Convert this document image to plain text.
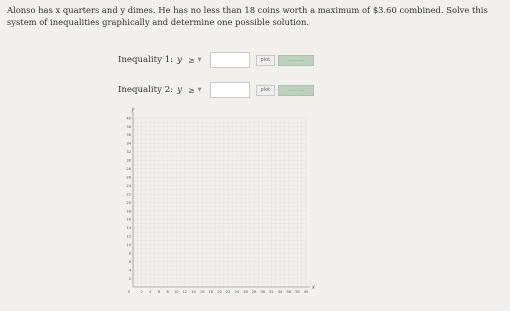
Alonso has x quarters and y dimes. He has no less than 18 coins worth a maximum of $3.60 combined. Solve this system of inequalities graphically and determine one possible solution.
Inequality 1: y ≥ ▼	plot	—— ——
Inequality 2: y ≥ ▼	plot	—— ——
0	2 4 6 8 10 12 14 16 18 20 22 24 26 28 30 32 34 36 38 40
2
4
6
8
10
12
14
16
18
20
22
24
26
28
30
32
34
36
38
40
x
y
